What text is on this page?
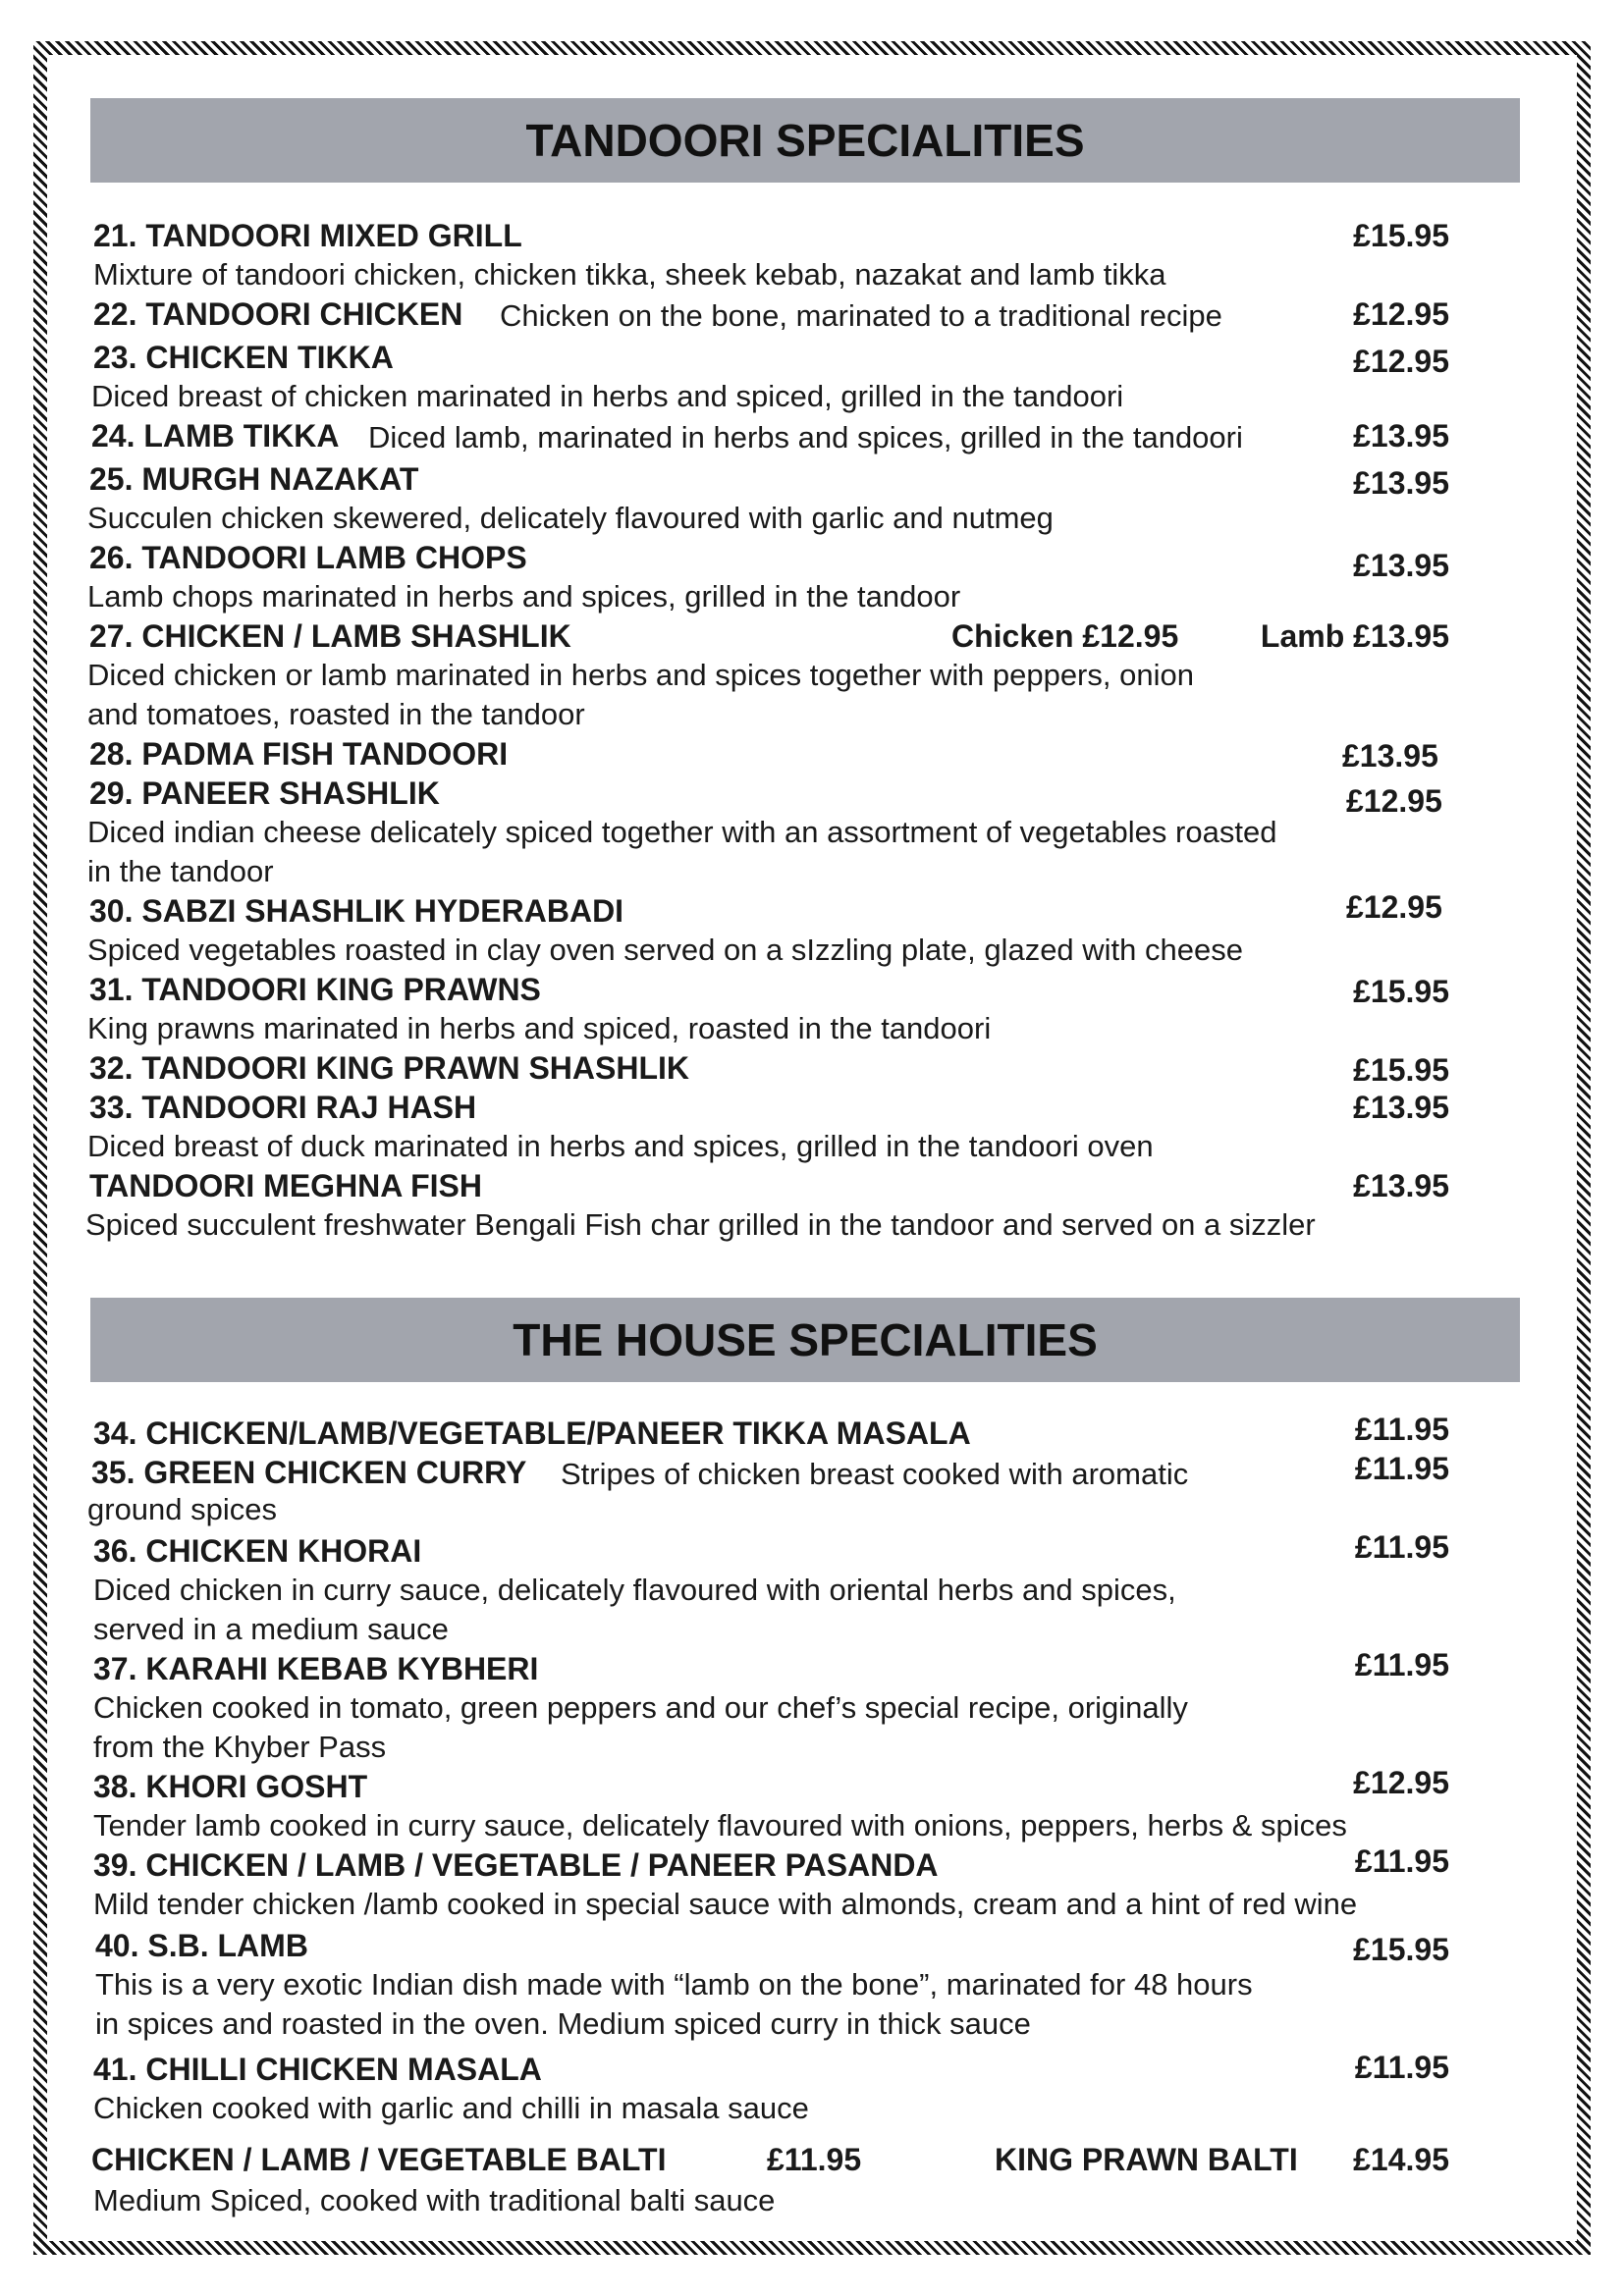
TANDOORI SPECIALITIES
21. TANDOORI MIXED GRILL	£15.95
Mixture of tandoori chicken, chicken tikka, sheek kebab, nazakat and lamb tikka
22. TANDOORI CHICKEN Chicken on the bone, marinated to a traditional recipe	£12.95
23. CHICKEN TIKKA	£12.95
Diced breast of chicken marinated in herbs and spiced, grilled in the tandoori
24. LAMB TIKKA Diced lamb, marinated in herbs and spices, grilled in the tandoori	£13.95
25. MURGH NAZAKAT	£13.95
Succulen chicken skewered, delicately flavoured with garlic and nutmeg
26. TANDOORI LAMB CHOPS	£13.95
Lamb chops marinated in herbs and spices, grilled in the tandoor
27. CHICKEN / LAMB SHASHLIK	Chicken £12.95	Lamb £13.95
Diced chicken or lamb marinated in herbs and spices together with peppers, onion
and tomatoes, roasted in the tandoor
28. PADMA FISH TANDOORI	£13.95
29. PANEER SHASHLIK	£12.95
Diced indian cheese delicately spiced together with an assortment of vegetables roasted
in the tandoor
30. SABZI SHASHLIK HYDERABADI	£12.95
Spiced vegetables roasted in clay oven served on a sIzzling plate, glazed with cheese
31. TANDOORI KING PRAWNS	£15.95
King prawns marinated in herbs and spiced, roasted in the tandoori
32. TANDOORI KING PRAWN SHASHLIK	£15.95
33. TANDOORI RAJ HASH	£13.95
Diced breast of duck marinated in herbs and spices, grilled in the tandoori oven
TANDOORI MEGHNA FISH	£13.95
Spiced succulent freshwater Bengali Fish char grilled in the tandoor and served on a sizzler
THE HOUSE SPECIALITIES
34. CHICKEN/LAMB/VEGETABLE/PANEER TIKKA MASALA	£11.95
35. GREEN CHICKEN CURRY Stripes of chicken breast cooked with aromatic	£11.95
ground spices
36. CHICKEN KHORAI	£11.95
Diced chicken in curry sauce, delicately flavoured with oriental herbs and spices,
served in a medium sauce
37. KARAHI KEBAB KYBHERI	£11.95
Chicken cooked in tomato, green peppers and our chef’s special recipe, originally
from the Khyber Pass
38. KHORI GOSHT	£12.95
Tender lamb cooked in curry sauce, delicately flavoured with onions, peppers, herbs & spices
39. CHICKEN / LAMB / VEGETABLE / PANEER PASANDA	£11.95
Mild tender chicken /lamb cooked in special sauce with almonds, cream and a hint of red wine
40. S.B. LAMB	£15.95
This is a very exotic Indian dish made with “lamb on the bone”, marinated for 48 hours
in spices and roasted in the oven. Medium spiced curry in thick sauce
41. CHILLI CHICKEN MASALA	£11.95
Chicken cooked with garlic and chilli in masala sauce
CHICKEN / LAMB / VEGETABLE BALTI	£11.95	KING PRAWN BALTI £14.95
Medium Spiced, cooked with traditional balti sauce
